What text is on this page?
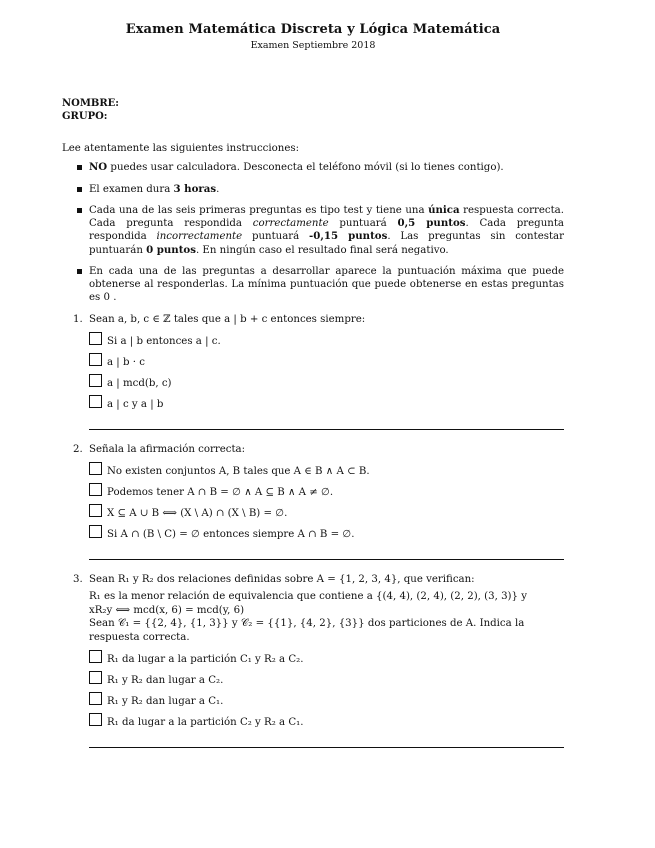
Examen Matemática Discreta y Lógica Matemática
Examen Septiembre 2018
NOMBRE:
GRUPO:
Lee atentamente las siguientes instrucciones:
NO puedes usar calculadora. Desconecta el teléfono móvil (si lo tienes contigo).
El examen dura 3 horas.
Cada una de las seis primeras preguntas es tipo test y tiene una única respuesta correcta. Cada pregunta respondida correctamente puntuará 0,5 puntos. Cada pregunta respondida incorrectamente puntuará -0,15 puntos. Las preguntas sin contestar puntuarán 0 puntos. En ningún caso el resultado final será negativo.
En cada una de las preguntas a desarrollar aparece la puntuación máxima que puede obtenerse al responderlas. La mínima puntuación que puede obtenerse en estas preguntas es 0 .
1. Sean a, b, c ∈ ℤ tales que a | b + c entonces siempre:
Si a | b entonces a | c.
a | b · c
a | mcd(b, c)
a | c y a | b
2. Señala la afirmación correcta:
No existen conjuntos A, B tales que A ∈ B ∧ A ⊂ B.
Podemos tener A ∩ B = ∅ ∧ A ⊆ B ∧ A ≠ ∅.
X ⊆ A ∪ B ⟺ (X \ A) ∩ (X \ B) = ∅.
Si A ∩ (B \ C) = ∅ entonces siempre A ∩ B = ∅.
3. Sean R₁ y R₂ dos relaciones definidas sobre A = {1, 2, 3, 4}, que verifican:
R₁ es la menor relación de equivalencia que contiene a {(4, 4), (2, 4), (2, 2), (3, 3)} y
xR₂y ⟺ mcd(x, 6) = mcd(y, 6)
Sean 𝒞₁ = {{2, 4}, {1, 3}} y 𝒞₂ = {{1}, {4, 2}, {3}} dos particiones de A. Indica la respuesta correcta.
R₁ da lugar a la partición C₁ y R₂ a C₂.
R₁ y R₂ dan lugar a C₂.
R₁ y R₂ dan lugar a C₁.
R₁ da lugar a la partición C₂ y R₂ a C₁.
